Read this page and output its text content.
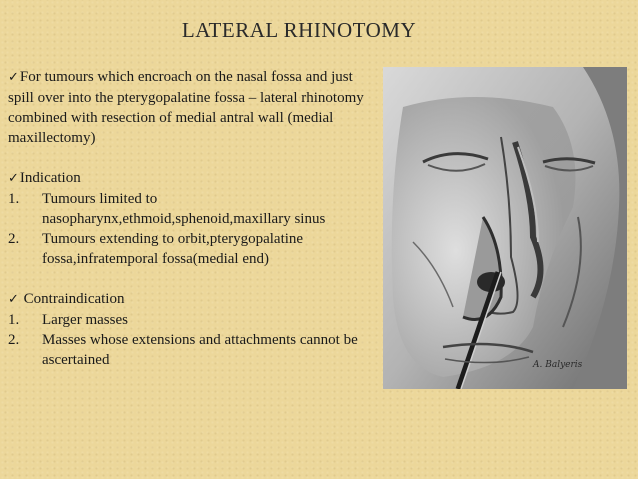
LATERAL RHINOTOMY

✓For tumours which encroach on the nasal fossa and just spill over into the pterygopalatine fossa – lateral rhinotomy combined with resection of medial antral wall (medial maxillectomy)

✓Indication

1. Tumours limited to nasopharynx,ethmoid,sphenoid,maxillary sinus
2. Tumours extending to orbit,pterygopalatine fossa,infratemporal fossa(medial end)

✓ Contraindication

1. Larger masses
2. Masses whose extensions and attachments cannot be ascertained	A. Balyeris
